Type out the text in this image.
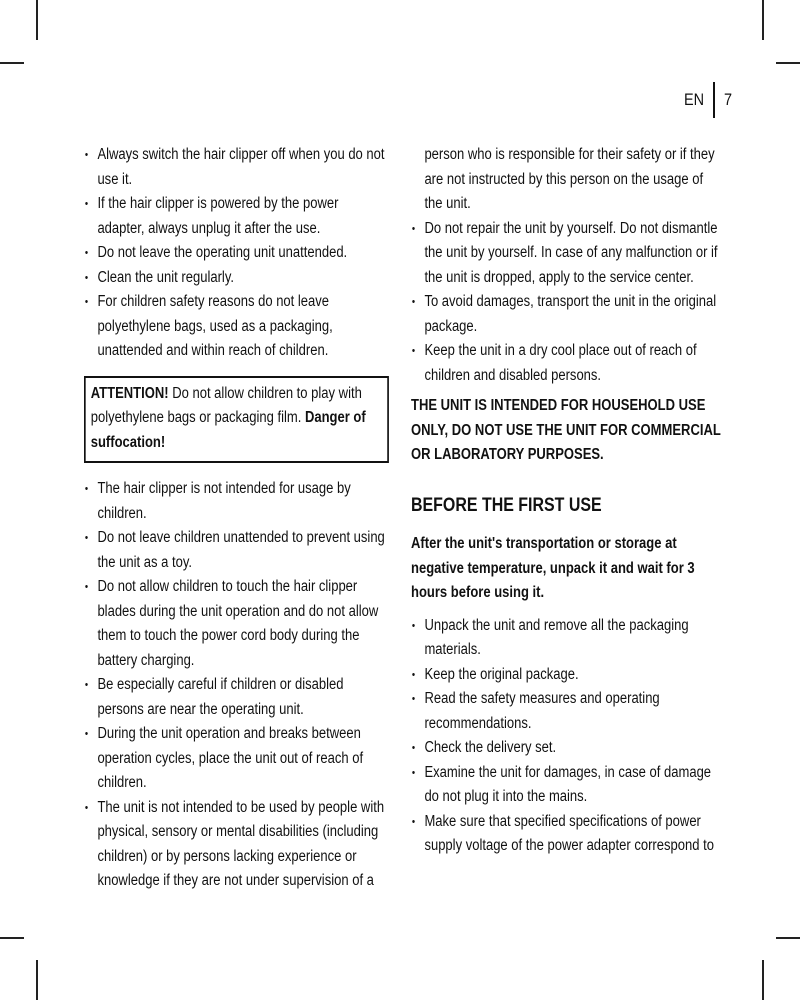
EN 7
• Always switch the hair clipper off when you do not use it.
• If the hair clipper is powered by the power adapter, always unplug it after the use.
• Do not leave the operating unit unattended.
• Clean the unit regularly.
• For children safety reasons do not leave polyethylene bags, used as a packaging, unattended and within reach of children.
ATTENTION! Do not allow children to play with polyethylene bags or packaging film. Danger of suffocation!
• The hair clipper is not intended for usage by children.
• Do not leave children unattended to prevent using the unit as a toy.
• Do not allow children to touch the hair clipper blades during the unit operation and do not allow them to touch the power cord body during the battery charging.
• Be especially careful if children or disabled persons are near the operating unit.
• During the unit operation and breaks between operation cycles, place the unit out of reach of children.
• The unit is not intended to be used by people with physical, sensory or mental disabilities (including children) or by persons lacking experience or knowledge if they are not under supervision of a
person who is responsible for their safety or if they are not instructed by this person on the usage of the unit.
• Do not repair the unit by yourself. Do not dismantle the unit by yourself. In case of any malfunction or if the unit is dropped, apply to the service center.
• To avoid damages, transport the unit in the original package.
• Keep the unit in a dry cool place out of reach of children and disabled persons.
THE UNIT IS INTENDED FOR HOUSEHOLD USE ONLY, DO NOT USE THE UNIT FOR COMMERCIAL OR LABORATORY PURPOSES.
BEFORE THE FIRST USE
After the unit's transportation or storage at negative temperature, unpack it and wait for 3 hours before using it.
• Unpack the unit and remove all the packaging materials.
• Keep the original package.
• Read the safety measures and operating recommendations.
• Check the delivery set.
• Examine the unit for damages, in case of damage do not plug it into the mains.
• Make sure that specified specifications of power supply voltage of the power adapter correspond to
